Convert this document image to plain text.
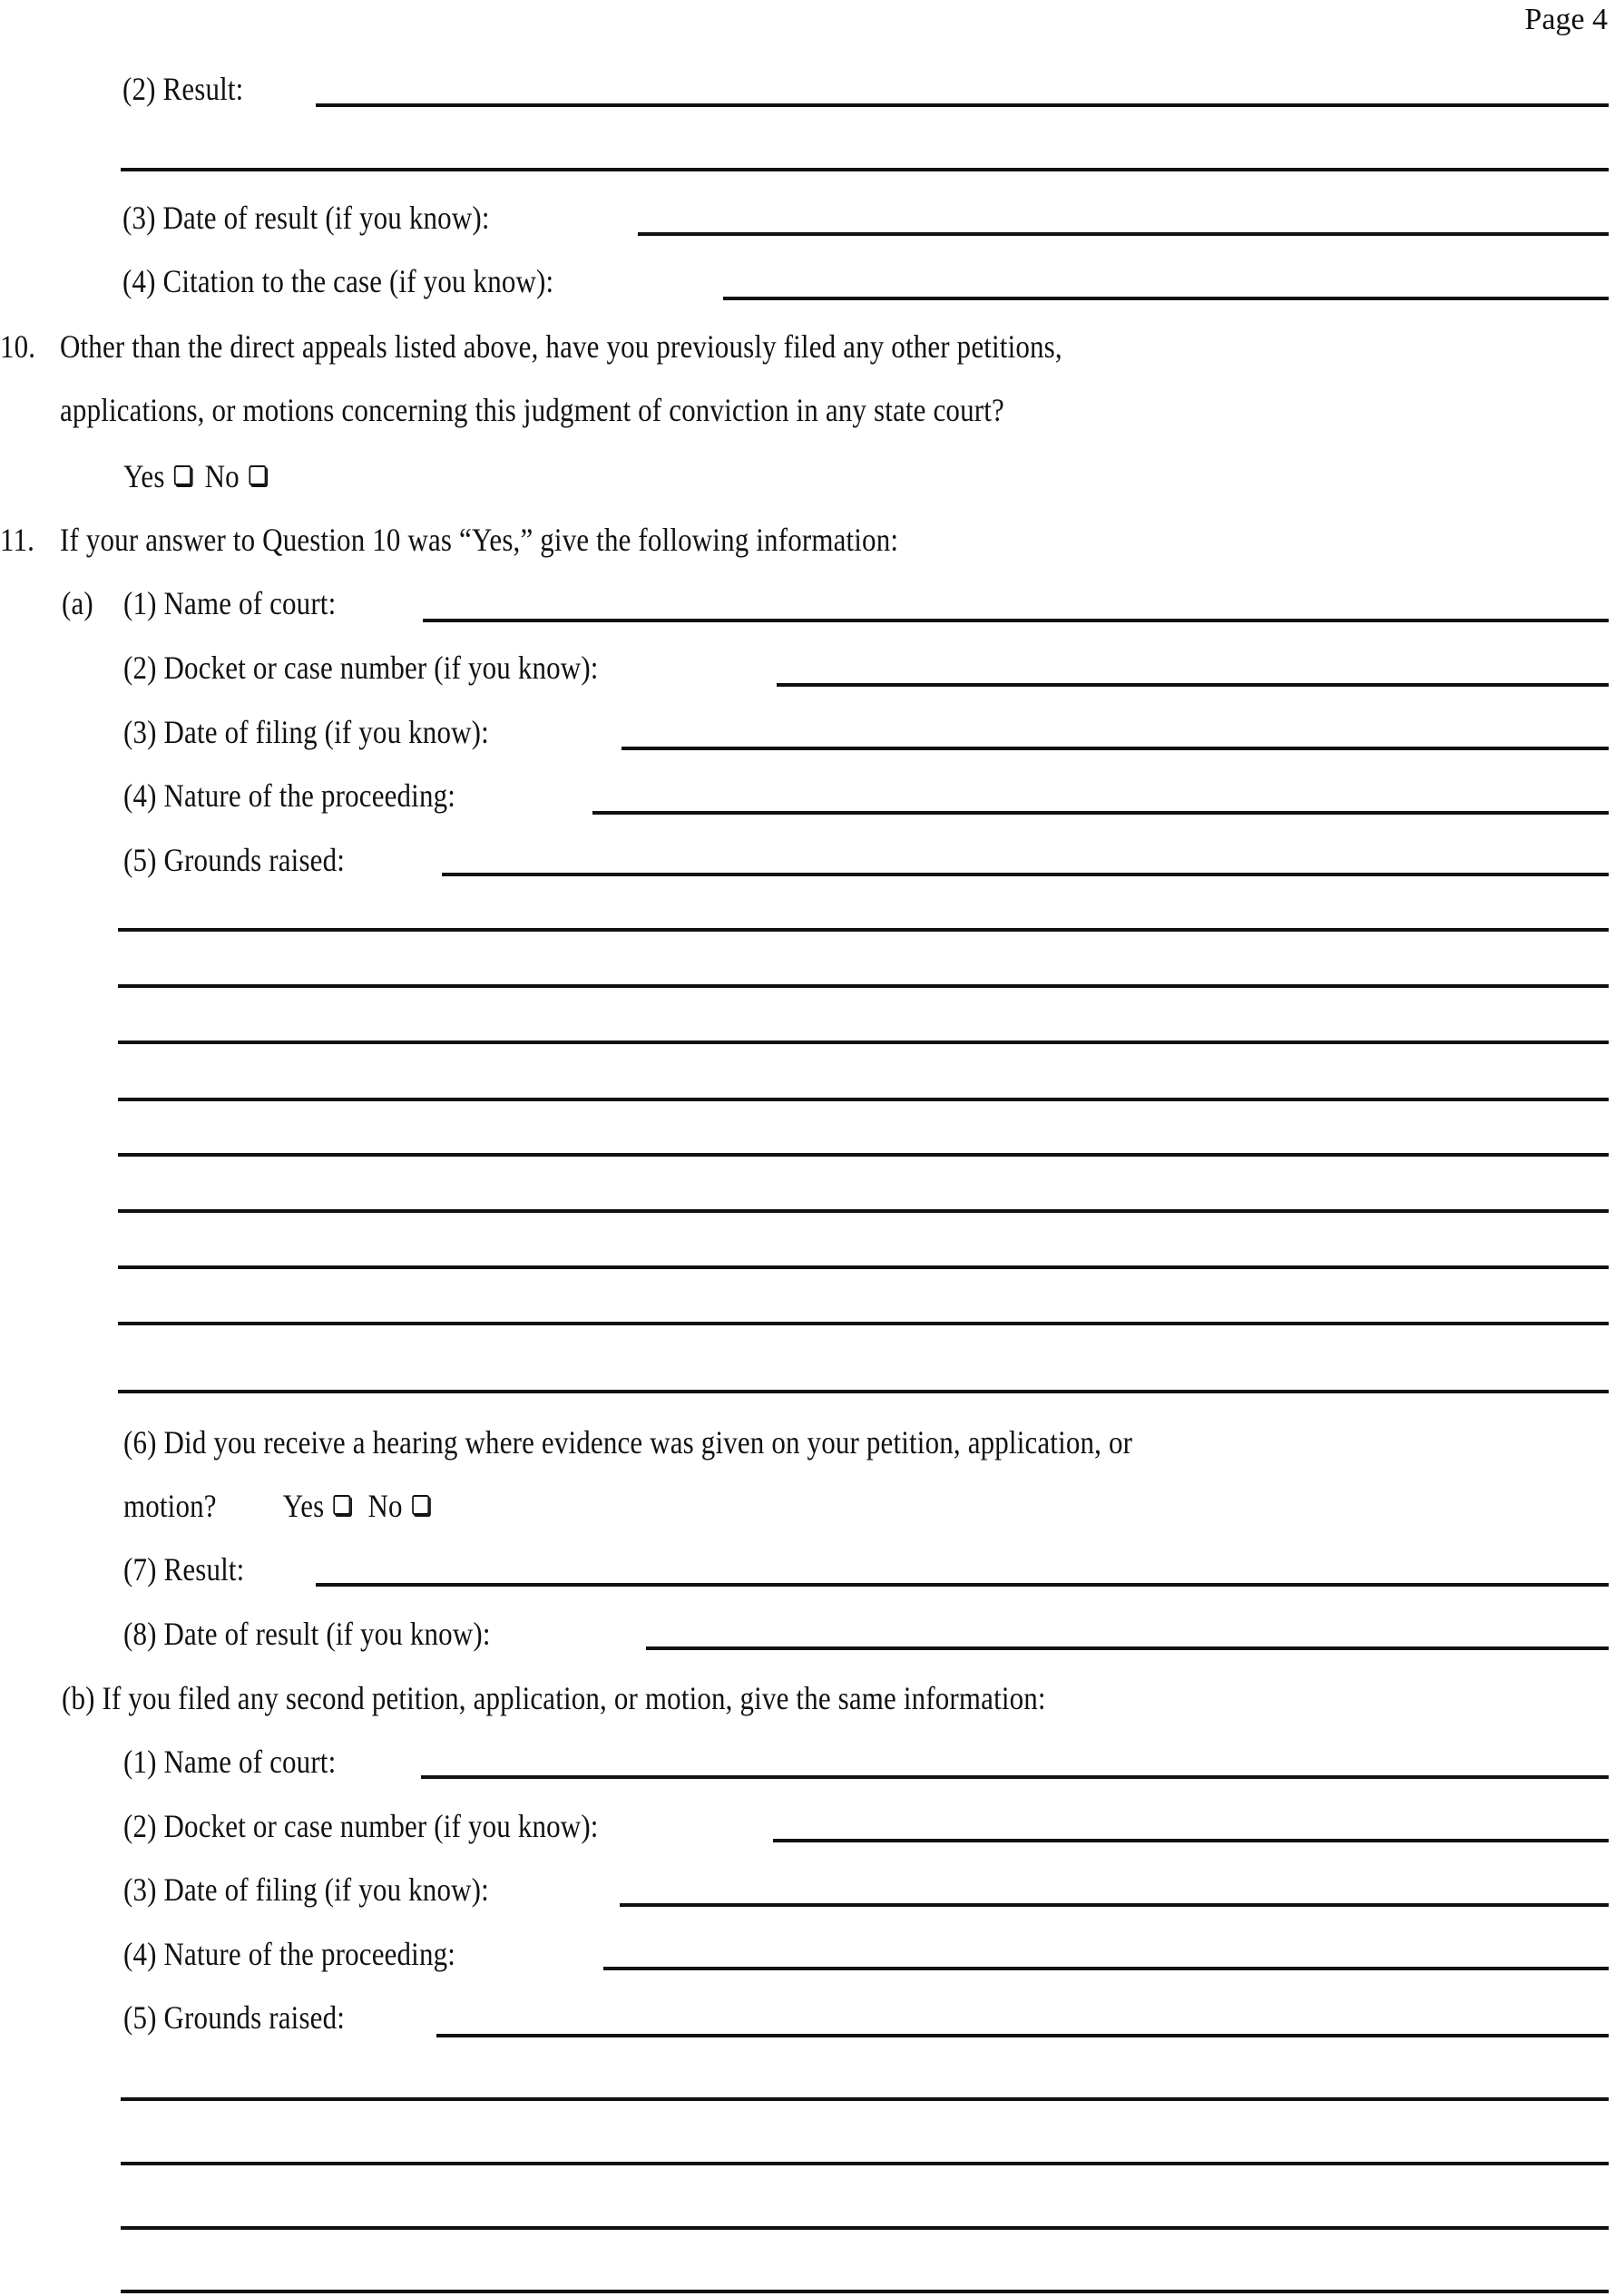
Page 4
(2) Result:
(3) Date of result (if you know):
(4) Citation to the case (if you know):
10. Other than the direct appeals listed above, have you previously filed any other petitions,
applications, or motions concerning this judgment of conviction in any state court?
Yes No
11. If your answer to Question 10 was “Yes,” give the following information:
(a) (1) Name of court:
(2) Docket or case number (if you know):
(3) Date of filing (if you know):
(4) Nature of the proceeding:
(5) Grounds raised:
(6) Did you receive a hearing where evidence was given on your petition, application, or
motion? Yes No
(7) Result:
(8) Date of result (if you know):
(b) If you filed any second petition, application, or motion, give the same information:
(1) Name of court:
(2) Docket or case number (if you know):
(3) Date of filing (if you know):
(4) Nature of the proceeding:
(5) Grounds raised:
